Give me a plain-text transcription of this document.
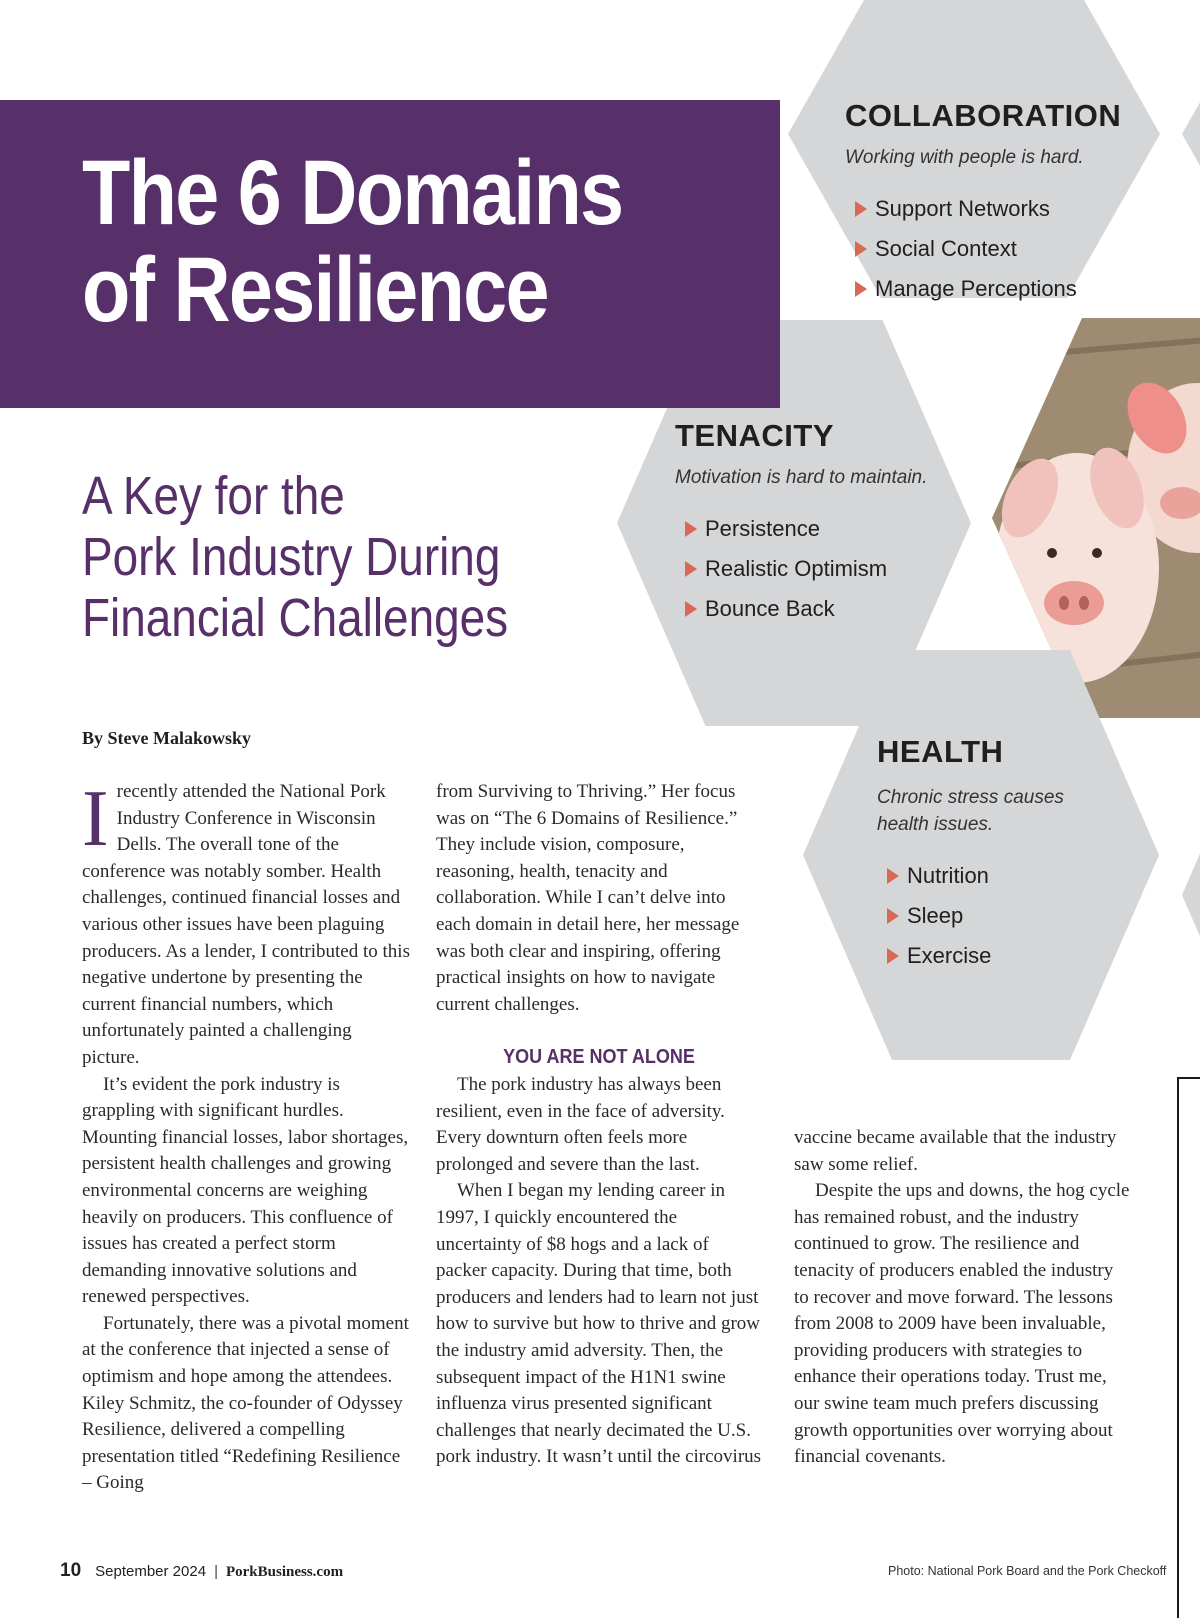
The 6 Domains
of Resilience
A Key for the
Pork Industry During
Financial Challenges
COLLABORATION

Working with people is hard.

Support Networks
Social Context
Manage Perceptions
TENACITY

Motivation is hard to maintain.

Persistence
Realistic Optimism
Bounce Back
HEALTH

Chronic stress causes
health issues.

Nutrition
Sleep
Exercise

By Steve Malakowsky

Irecently attended the National Pork Industry Conference in Wisconsin Dells. The overall tone of the conference was notably somber. Health challenges, continued financial losses and various other issues have been plaguing producers. As a lender, I contributed to this negative undertone by presenting the current financial numbers, which unfortunately painted a challenging picture.

It’s evident the pork industry is grappling with significant hurdles. Mounting financial losses, labor shortages, persistent health challenges and growing environmental concerns are weighing heavily on producers. This confluence of issues has created a perfect storm demanding innovative solutions and renewed perspectives.

Fortunately, there was a pivotal moment at the conference that injected a sense of optimism and hope among the attendees. Kiley Schmitz, the co-founder of Odyssey Resilience, delivered a compelling presentation titled “Redefining Resilience – Going

from Surviving to Thriving.” Her focus was on “The 6 Domains of Resilience.” They include vision, composure, reasoning, health, tenacity and collaboration. While I can’t delve into each domain in detail here, her message was both clear and inspiring, offering practical insights on how to navigate current challenges.

YOU ARE NOT ALONE

The pork industry has always been resilient, even in the face of adversity. Every downturn often feels more prolonged and severe than the last.

When I began my lending career in 1997, I quickly encountered the uncertainty of $8 hogs and a lack of packer capacity. During that time, both producers and lenders had to learn not just how to survive but how to thrive and grow the industry amid adversity. Then, the subsequent impact of the H1N1 swine influenza virus presented significant challenges that nearly decimated the U.S. pork industry. It wasn’t until the circovirus

vaccine became available that the industry saw some relief.

Despite the ups and downs, the hog cycle has remained robust, and the industry continued to grow. The resilience and tenacity of producers enabled the industry to recover and move forward. The lessons from 2008 to 2009 have been invaluable, providing producers with strategies to enhance their operations today. Trust me, our swine team much prefers discussing growth opportunities over worrying about financial covenants.

10 September 2024 | PorkBusiness.com	Photo: National Pork Board and the Pork Checkoff
